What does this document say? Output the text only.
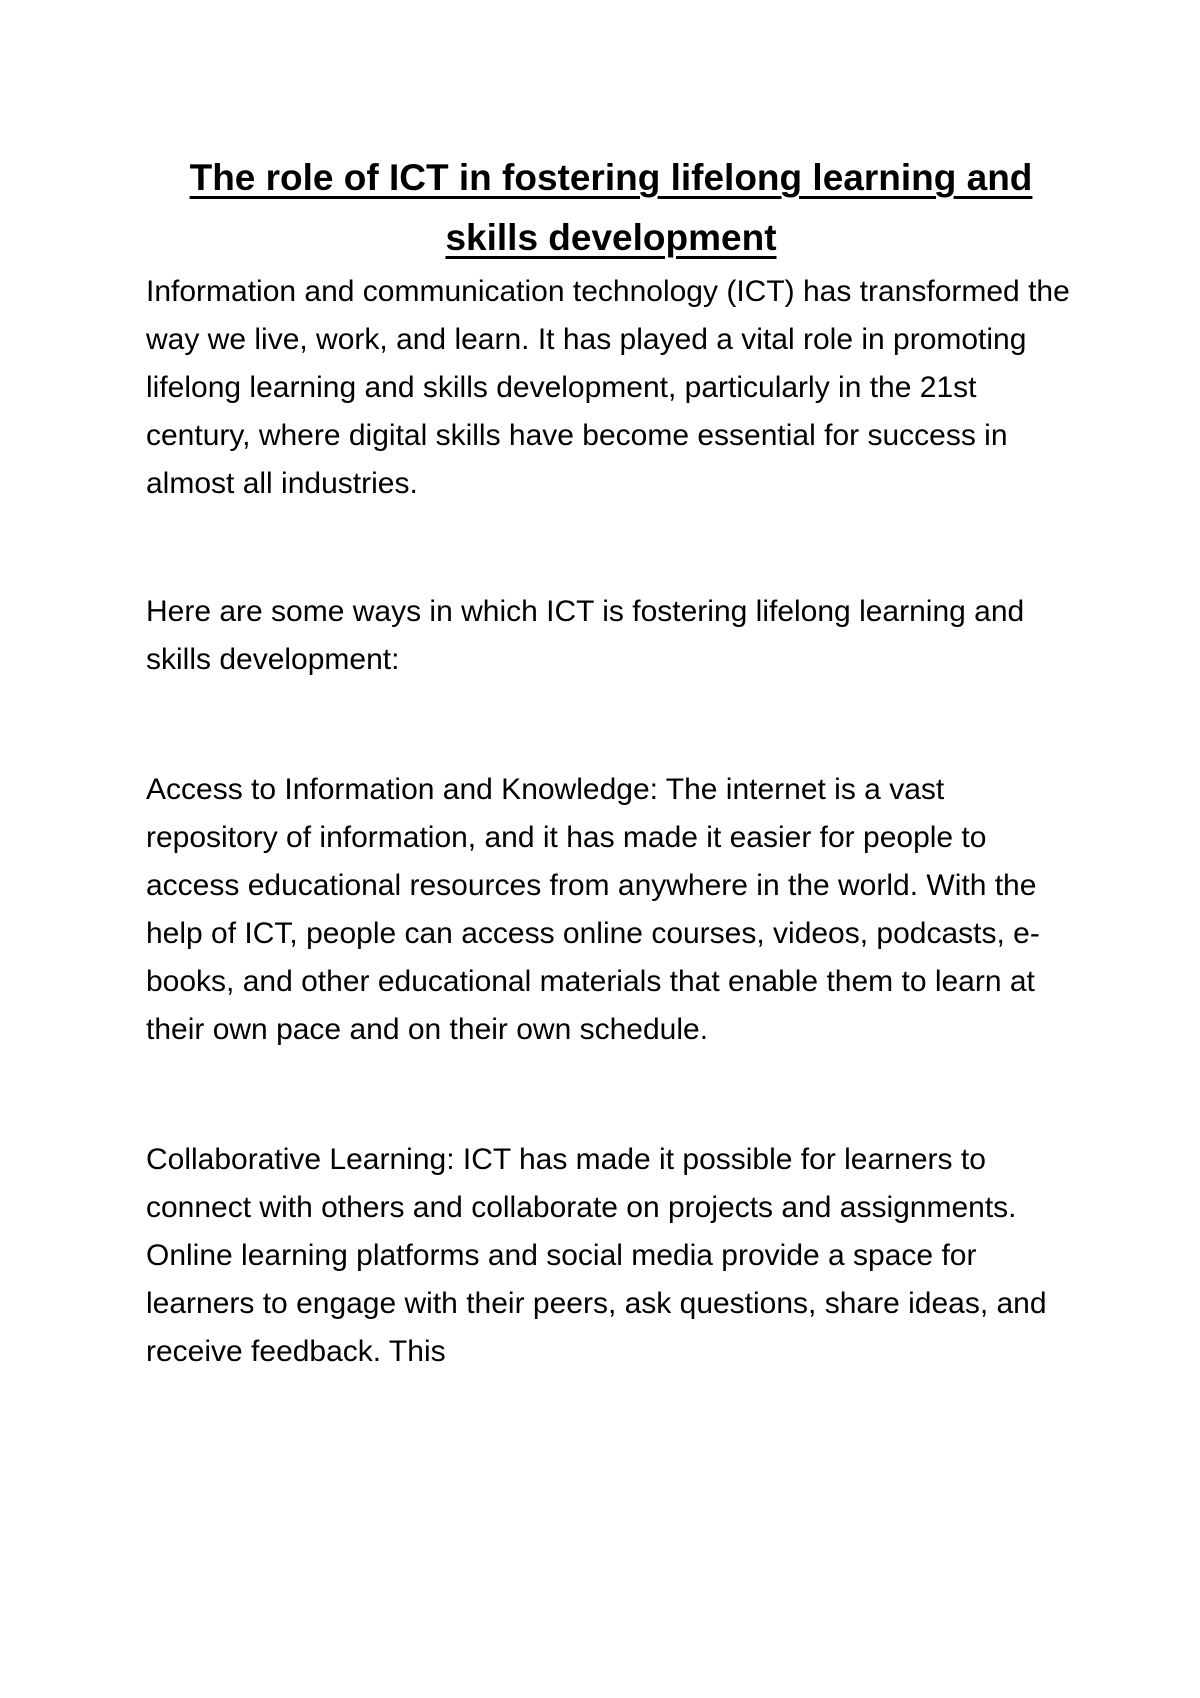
The role of ICT in fostering lifelong learning and skills development

Information and communication technology (ICT) has transformed the way we live, work, and learn. It has played a vital role in promoting lifelong learning and skills development, particularly in the 21st century, where digital skills have become essential for success in almost all industries.

Here are some ways in which ICT is fostering lifelong learning and skills development:

Access to Information and Knowledge: The internet is a vast repository of information, and it has made it easier for people to access educational resources from anywhere in the world. With the help of ICT, people can access online courses, videos, podcasts, e-books, and other educational materials that enable them to learn at their own pace and on their own schedule.

Collaborative Learning: ICT has made it possible for learners to connect with others and collaborate on projects and assignments. Online learning platforms and social media provide a space for learners to engage with their peers, ask questions, share ideas, and receive feedback. This
